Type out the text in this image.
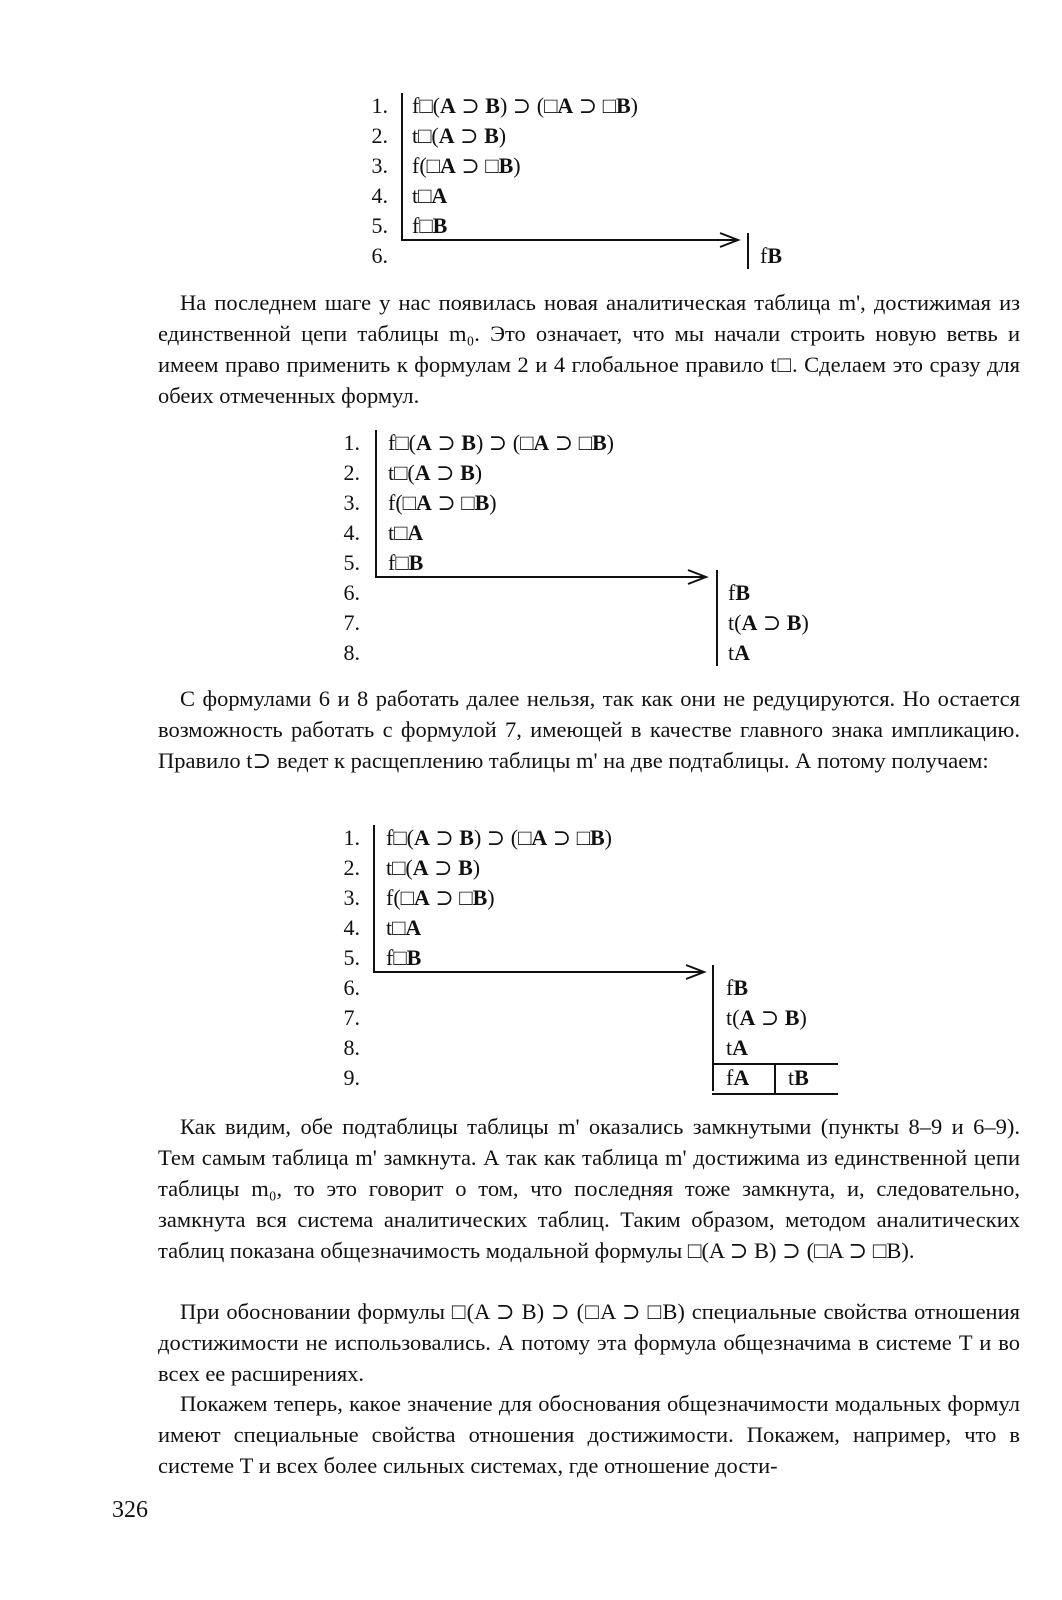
1. f□(A ⊃ B) ⊃ (□A ⊃ □B)
2. t□(A ⊃ B)
3. f(□A ⊃ □B)
4. t□A
5. f□B
6.	fB

На последнем шаге у нас появилась новая аналитическая таблица m', достижимая из единственной цепи таблицы m₀. Это означает, что мы начали строить новую ветвь и имеем право применить к формулам 2 и 4 глобальное правило t□. Сделаем это сразу для обеих отмеченных формул.

1. f□(A ⊃ B) ⊃ (□A ⊃ □B)
2. t□(A ⊃ B)
3. f(□A ⊃ □B)
4. t□A
5. f□B
6.
7.
8.
fB
t(A ⊃ B)
tA

С формулами 6 и 8 работать далее нельзя, так как они не редуцируются. Но остается возможность работать с формулой 7, имеющей в качестве главного знака импликацию. Правило t⊃ ведет к расщеплению таблицы m' на две подтаблицы. А потому получаем:

1. f□(A ⊃ B) ⊃ (□A ⊃ □B)
2. t□(A ⊃ B)
3. f(□A ⊃ □B)
4. t□A
5. f□B
6.
7.
8.
9.
fB
t(A ⊃ B)
tA
fA tB

Как видим, обе подтаблицы таблицы m' оказались замкнутыми (пункты 8–9 и 6–9). Тем самым таблица m' замкнута. А так как таблица m' достижима из единственной цепи таблицы m₀, то это говорит о том, что последняя тоже замкнута, и, следовательно, замкнута вся система аналитических таблиц. Таким образом, методом аналитических таблиц показана общезначимость модальной формулы □(A ⊃ B) ⊃ (□A ⊃ □B).

При обосновании формулы □(A ⊃ B) ⊃ (□A ⊃ □B) специальные свойства отношения достижимости не использовались. А потому эта формула общезначима в системе T и во всех ее расширениях.

Покажем теперь, какое значение для обоснования общезначимости модальных формул имеют специальные свойства отношения достижимости. Покажем, например, что в системе T и всех более сильных системах, где отношение дости-

326
